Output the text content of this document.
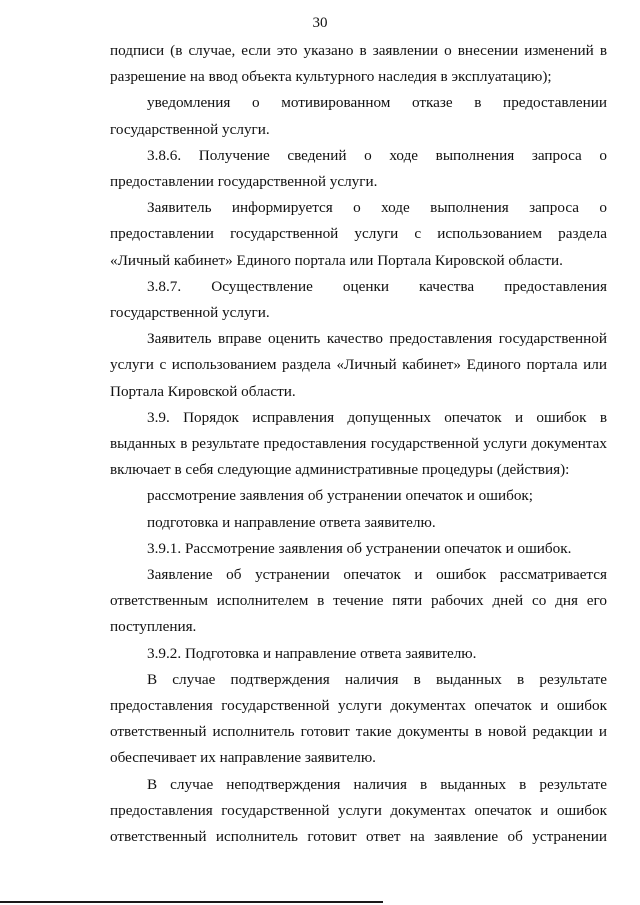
30

подписи (в случае, если это указано в заявлении о внесении изменений в разрешение на ввод объекта культурного наследия в эксплуатацию);

уведомления о мотивированном отказе в предоставлении государственной услуги.

3.8.6. Получение сведений о ходе выполнения запроса о предоставлении государственной услуги.

Заявитель информируется о ходе выполнения запроса о предоставлении государственной услуги с использованием раздела «Личный кабинет» Единого портала или Портала Кировской области.

3.8.7. Осуществление оценки качества предоставления государственной услуги.

Заявитель вправе оценить качество предоставления государственной услуги с использованием раздела «Личный кабинет» Единого портала или Портала Кировской области.

3.9. Порядок исправления допущенных опечаток и ошибок в выданных в результате предоставления государственной услуги документах включает в себя следующие административные процедуры (действия):

рассмотрение заявления об устранении опечаток и ошибок;

подготовка и направление ответа заявителю.

3.9.1. Рассмотрение заявления об устранении опечаток и ошибок.

Заявление об устранении опечаток и ошибок рассматривается ответственным исполнителем в течение пяти рабочих дней со дня его поступления.

3.9.2. Подготовка и направление ответа заявителю.

В случае подтверждения наличия в выданных в результате предоставления государственной услуги документах опечаток и ошибок ответственный исполнитель готовит такие документы в новой редакции и обеспечивает их направление заявителю.

В случае неподтверждения наличия в выданных в результате предоставления государственной услуги документах опечаток и ошибок ответственный исполнитель готовит ответ на заявление об устранении
